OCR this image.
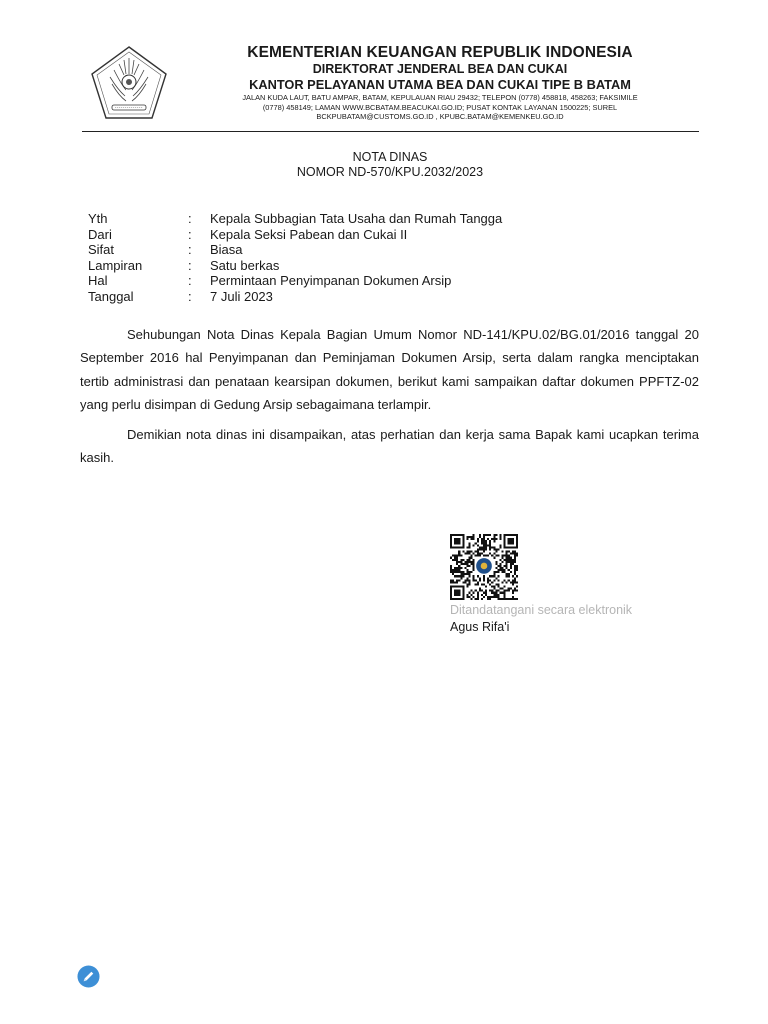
KEMENTERIAN KEUANGAN REPUBLIK INDONESIA
DIREKTORAT JENDERAL BEA DAN CUKAI
KANTOR PELAYANAN UTAMA BEA DAN CUKAI TIPE B BATAM
JALAN KUDA LAUT, BATU AMPAR, BATAM, KEPULAUAN RIAU 29432; TELEPON (0778) 458818, 458263; FAKSIMILE
(0778) 458149; LAMAN WWW.BCBATAM.BEACUKAI.GO.ID; PUSAT KONTAK LAYANAN 1500225; SUREL
BCKPUBATAM@CUSTOMS.GO.ID , KPUBC.BATAM@KEMENKEU.GO.ID
NOTA DINAS
NOMOR ND-570/KPU.2032/2023
Yth	:	Kepala Subbagian Tata Usaha dan Rumah Tangga
Dari	:	Kepala Seksi Pabean dan Cukai II
Sifat	:	Biasa
Lampiran	:	Satu berkas
Hal	:	Permintaan Penyimpanan Dokumen Arsip
Tanggal	:	7 Juli 2023

Sehubungan Nota Dinas Kepala Bagian Umum Nomor ND-141/KPU.02/BG.01/2016 tanggal 20 September 2016 hal Penyimpanan dan Peminjaman Dokumen Arsip, serta dalam rangka menciptakan tertib administrasi dan penataan kearsipan dokumen, berikut kami sampaikan daftar dokumen PPFTZ-02 yang perlu disimpan di Gedung Arsip sebagaimana terlampir.

Demikian nota dinas ini disampaikan, atas perhatian dan kerja sama Bapak kami ucapkan terima kasih.

Ditandatangani secara elektronik
Agus Rifa'i
